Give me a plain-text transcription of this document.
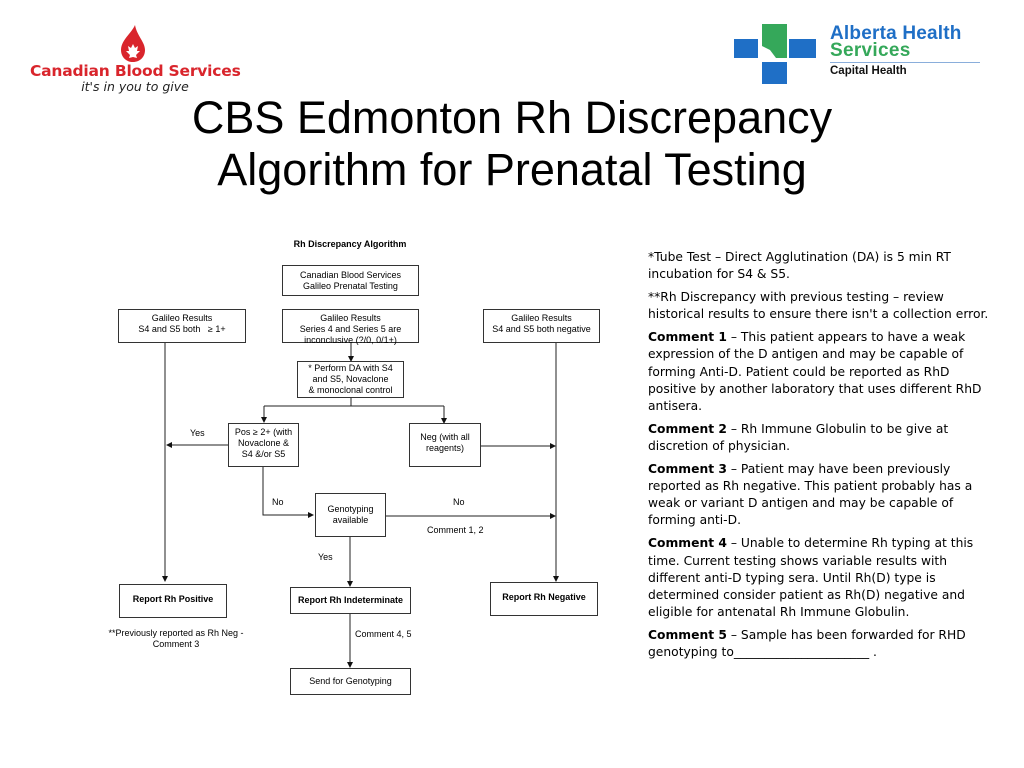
Canadian Blood Services
it's in you to give
Alberta Health
Services
Capital Health
CBS Edmonton Rh Discrepancy
Algorithm for Prenatal Testing
Rh Discrepancy Algorithm
Canadian Blood Services
Galileo Prenatal Testing
Galileo Results
S4 and S5 both   ≥ 1+
Galileo Results
Series 4 and Series 5 are
inconclusive (?/0, 0/1+)
Galileo Results
S4 and S5 both negative
* Perform DA with S4
and S5, Novaclone
& monoclonal control
Pos ≥ 2+ (with
Novaclone &
S4 &/or S5
Neg (with all
reagents)
Genotyping
available
Report Rh Positive	Report Rh Indeterminate	Report Rh Negative
Send for Genotyping
Yes
No	No
Comment 1, 2
Yes
Comment 4, 5
**Previously reported as Rh Neg -
Comment 3

*Tube Test – Direct Agglutination (DA) is 5 min RT incubation for S4 & S5.

**Rh Discrepancy with previous testing – review historical results to ensure there isn't a collection error.

Comment 1 – This patient appears to have a weak expression of the D antigen and may be capable of forming Anti-D. Patient could be reported as RhD positive by another laboratory that uses different RhD antisera.

Comment 2 – Rh Immune Globulin to be give at discretion of physician.

Comment 3 – Patient may have been previously reported as Rh negative. This patient probably has a weak or variant D antigen and may be capable of forming anti-D.

Comment 4 – Unable to determine Rh typing at this time. Current testing shows variable results with different anti-D typing sera. Until Rh(D) type is determined consider patient as Rh(D) negative and eligible for antenatal Rh Immune Globulin.

Comment 5 – Sample has been forwarded for RHD genotyping to______________________ .
